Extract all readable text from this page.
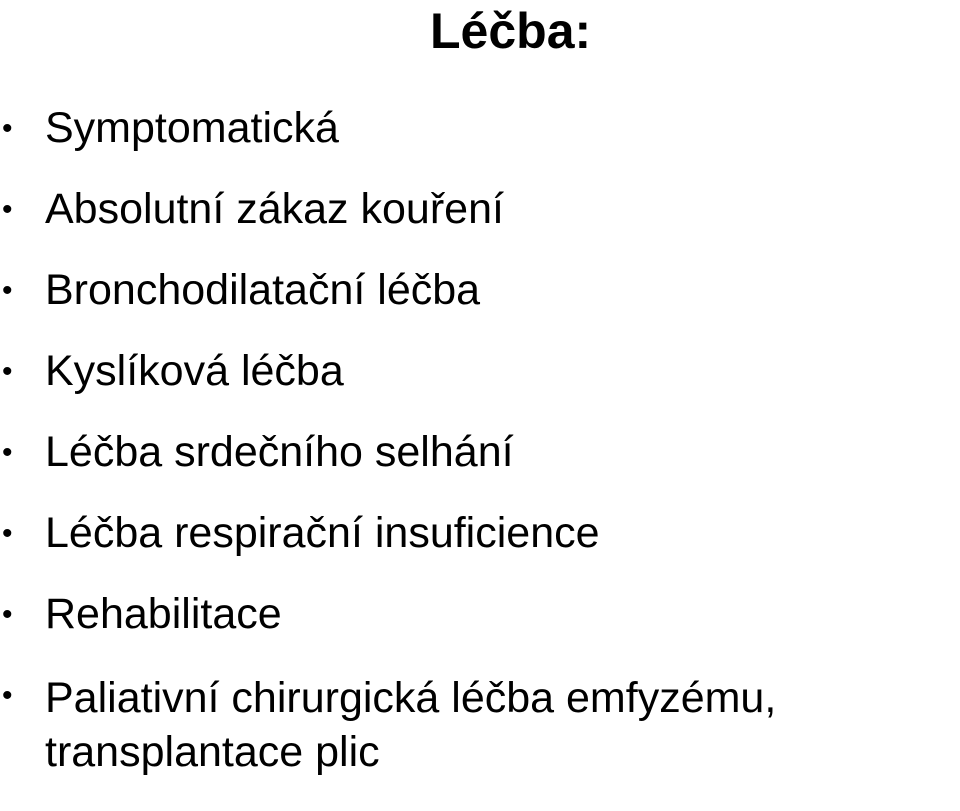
Léčba:
• Symptomatická
• Absolutní zákaz kouření
• Bronchodilatační léčba
• Kyslíková léčba
• Léčba srdečního selhání
• Léčba respirační insuficience
• Rehabilitace
• Paliativní chirurgická léčba emfyzému, transplantace plic
